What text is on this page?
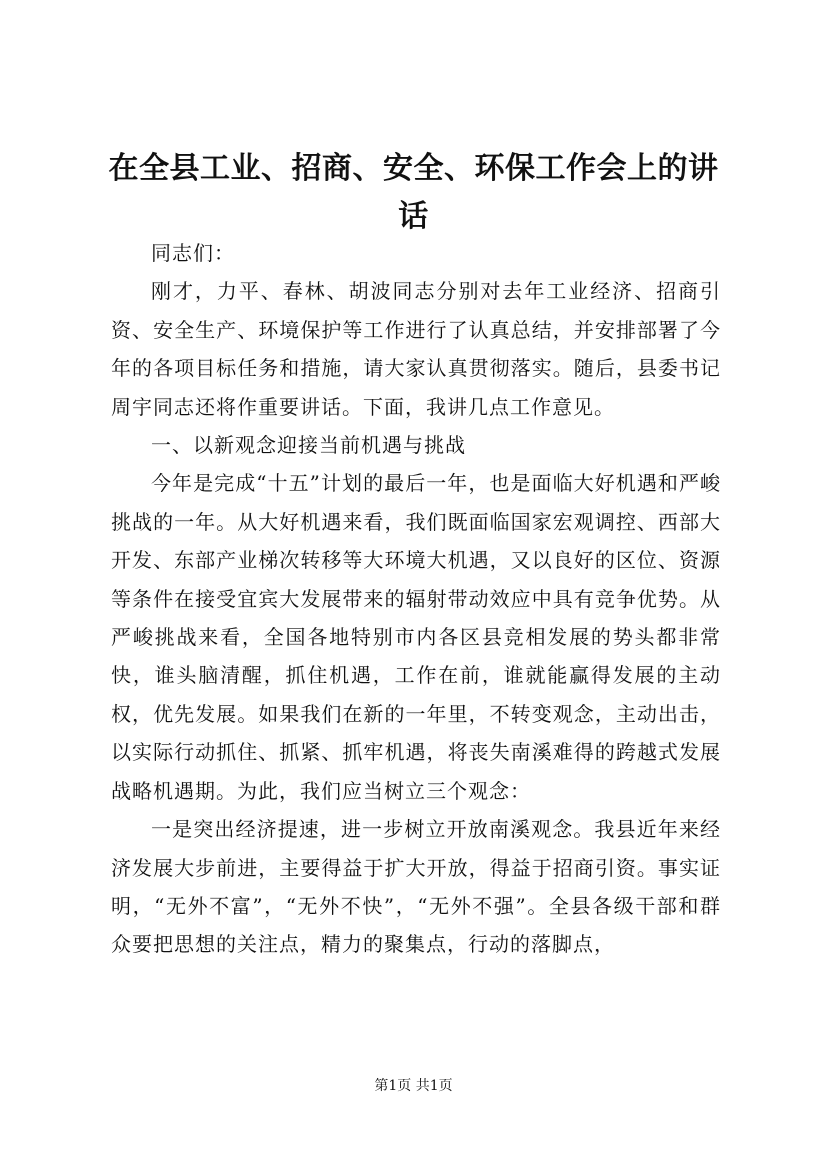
在全县工业、招商、安全、环保工作会上的讲话

同志们：

刚才，力平、春林、胡波同志分别对去年工业经济、招商引资、安全生产、环境保护等工作进行了认真总结，并安排部署了今年的各项目标任务和措施，请大家认真贯彻落实。随后，县委书记周宇同志还将作重要讲话。下面，我讲几点工作意见。

一、以新观念迎接当前机遇与挑战

今年是完成“十五”计划的最后一年，也是面临大好机遇和严峻挑战的一年。从大好机遇来看，我们既面临国家宏观调控、西部大开发、东部产业梯次转移等大环境大机遇，又以良好的区位、资源等条件在接受宜宾大发展带来的辐射带动效应中具有竞争优势。从严峻挑战来看，全国各地特别市内各区县竞相发展的势头都非常快，谁头脑清醒，抓住机遇，工作在前，谁就能赢得发展的主动权，优先发展。如果我们在新的一年里，不转变观念，主动出击，以实际行动抓住、抓紧、抓牢机遇，将丧失南溪难得的跨越式发展战略机遇期。为此，我们应当树立三个观念：

一是突出经济提速，进一步树立开放南溪观念。我县近年来经济发展大步前进，主要得益于扩大开放，得益于招商引资。事实证明，“无外不富”，“无外不快”，“无外不强”。全县各级干部和群众要把思想的关注点，精力的聚集点，行动的落脚点，

第1页 共1页
